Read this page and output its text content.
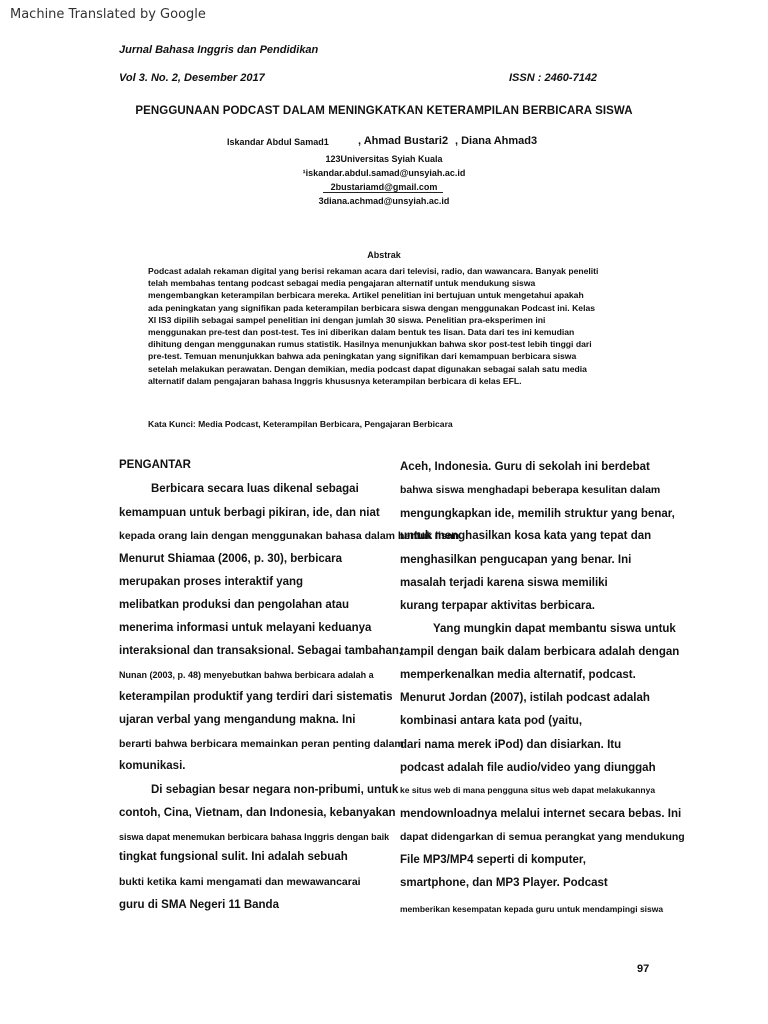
Machine Translated by Google
Jurnal Bahasa Inggris dan Pendidikan
Vol 3. No. 2, Desember 2017	ISSN : 2460-7142
PENGGUNAAN PODCAST DALAM MENINGKATKAN KETERAMPILAN BERBICARA SISWA
Iskandar Abdul Samad1	, Ahmad Bustari2 , Diana Ahmad3
123Universitas Syiah Kuala
¹iskandar.abdul.samad@unsyiah.ac.id
2bustariamd@gmail.com
3diana.achmad@unsyiah.ac.id
Abstrak
Podcast adalah rekaman digital yang berisi rekaman acara dari televisi, radio, dan wawancara. Banyak peneliti
telah membahas tentang podcast sebagai media pengajaran alternatif untuk mendukung siswa
mengembangkan keterampilan berbicara mereka. Artikel penelitian ini bertujuan untuk mengetahui apakah
ada peningkatan yang signifikan pada keterampilan berbicara siswa dengan menggunakan Podcast ini. Kelas
XI IS3 dipilih sebagai sampel penelitian ini dengan jumlah 30 siswa. Penelitian pra-eksperimen ini
menggunakan pre-test dan post-test. Tes ini diberikan dalam bentuk tes lisan. Data dari tes ini kemudian
dihitung dengan menggunakan rumus statistik. Hasilnya menunjukkan bahwa skor post-test lebih tinggi dari
pre-test. Temuan menunjukkan bahwa ada peningkatan yang signifikan dari kemampuan berbicara siswa
setelah melakukan perawatan. Dengan demikian, media podcast dapat digunakan sebagai salah satu media
alternatif dalam pengajaran bahasa Inggris khususnya keterampilan berbicara di kelas EFL.
Kata Kunci: Media Podcast, Keterampilan Berbicara, Pengajaran Berbicara
PENGANTAR
Berbicara secara luas dikenal sebagai
kemampuan untuk berbagi pikiran, ide, dan niat
kepada orang lain dengan menggunakan bahasa dalam bentuk lisan.
Menurut Shiamaa (2006, p. 30), berbicara
merupakan proses interaktif yang
melibatkan produksi dan pengolahan atau
menerima informasi untuk melayani keduanya
interaksional dan transaksional. Sebagai tambahan,
Nunan (2003, p. 48) menyebutkan bahwa berbicara adalah a
keterampilan produktif yang terdiri dari sistematis
ujaran verbal yang mengandung makna. Ini
berarti bahwa berbicara memainkan peran penting dalam
komunikasi.
Di sebagian besar negara non-pribumi, untuk
contoh, Cina, Vietnam, dan Indonesia, kebanyakan
siswa dapat menemukan berbicara bahasa Inggris dengan baik
tingkat fungsional sulit. Ini adalah sebuah
bukti ketika kami mengamati dan mewawancarai
guru di SMA Negeri 11 Banda
Aceh, Indonesia. Guru di sekolah ini berdebat
bahwa siswa menghadapi beberapa kesulitan dalam
mengungkapkan ide, memilih struktur yang benar,
untuk menghasilkan kosa kata yang tepat dan
menghasilkan pengucapan yang benar. Ini
masalah terjadi karena siswa memiliki
kurang terpapar aktivitas berbicara.
Yang mungkin dapat membantu siswa untuk
tampil dengan baik dalam berbicara adalah dengan
memperkenalkan media alternatif, podcast.
Menurut Jordan (2007), istilah podcast adalah
kombinasi antara kata pod (yaitu,
dari nama merek iPod) dan disiarkan. Itu
podcast adalah file audio/video yang diunggah
ke situs web di mana pengguna situs web dapat melakukannya
mendownloadnya melalui internet secara bebas. Ini
dapat didengarkan di semua perangkat yang mendukung
File MP3/MP4 seperti di komputer,
smartphone, dan MP3 Player. Podcast
memberikan kesempatan kepada guru untuk mendampingi siswa
97
